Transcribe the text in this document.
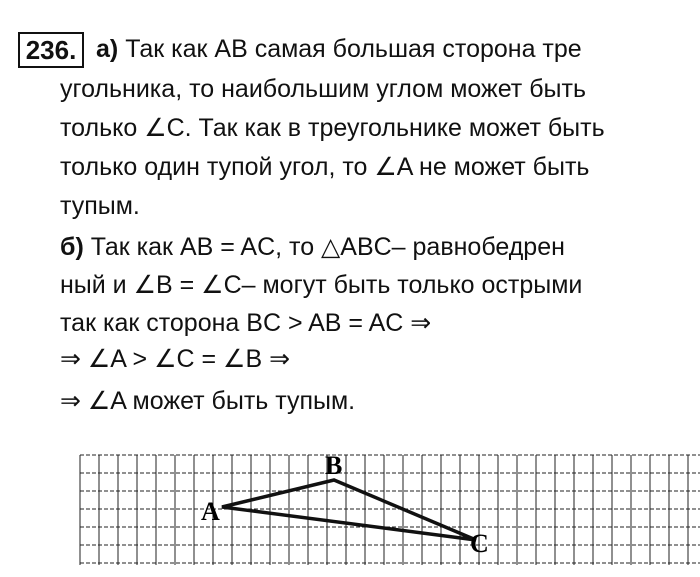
236. а) Так как AB самая большая сторона тре
угольника, то наибольшим углом может быть
только ∠C. Так как в треугольнике может быть
только один тупой угол, то ∠A не может быть
тупым.
б) Так как AB = AC, то △ABC– равнобедрен
ный и ∠B = ∠C– могут быть только острыми
так как сторона BC > AB = AC ⇒
⇒ ∠A > ∠C = ∠B ⇒
⇒ ∠A может быть тупым.
A
B
C
